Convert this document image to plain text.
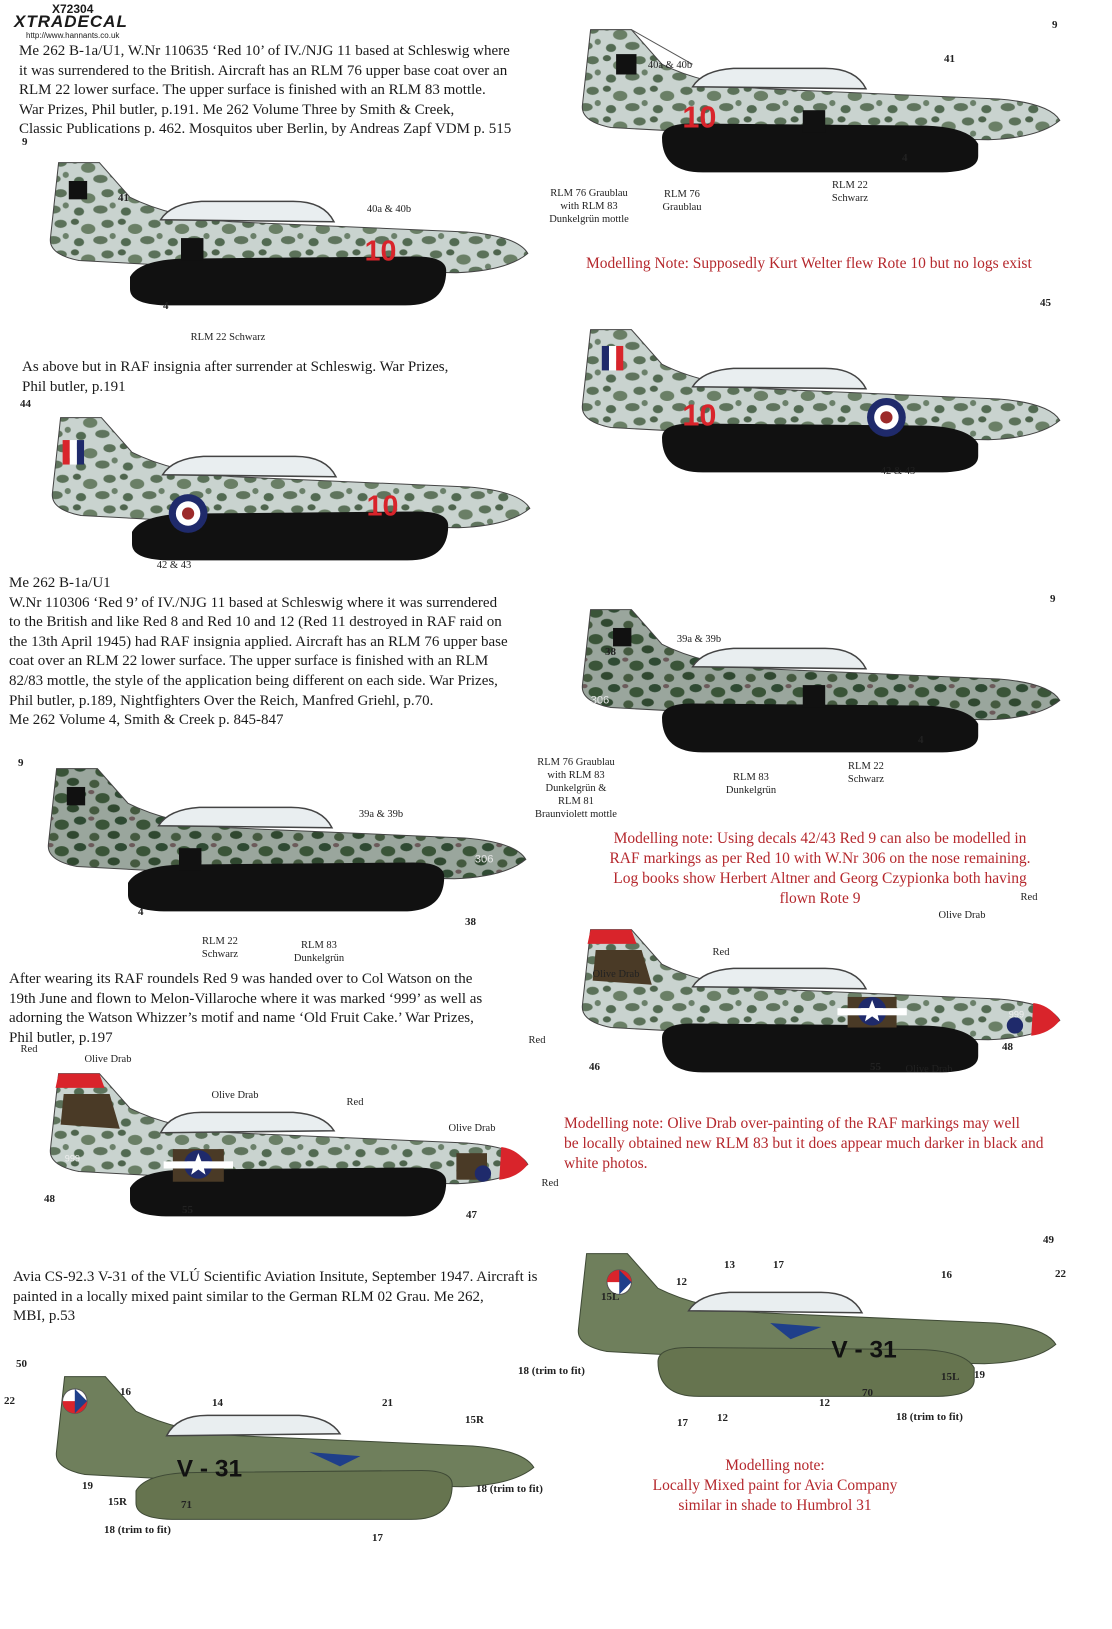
X72304
XTRADECAL
http://www.hannants.co.uk
Me 262 B-1a/U1, W.Nr 110635 ‘Red 10’ of IV./NJG 11 based at Schleswig where
it was surrendered to the British. Aircraft has an RLM 76 upper base coat over an
RLM 22 lower surface. The upper surface is finished with an RLM 83 mottle.
War Prizes, Phil butler, p.191. Me 262 Volume Three by Smith & Creek,
Classic Publications p. 462. Mosquitos uber Berlin, by Andreas Zapf VDM p. 515	10
40a & 40b
9
41
4
RLM 76
Graublau
RLM 22
Schwarz
10
9
41
40a & 40b
4
RLM 22 Schwarz
RLM 76 Graublau
with RLM 83
Dunkelgrün mottle
Modelling Note: Supposedly Kurt Welter flew Rote 10 but no logs exist
As above but in RAF insignia after surrender at Schleswig. War Prizes,
Phil butler, p.191
10
45
42 & 43
10
44
42 & 43
Me 262 B-1a/U1
W.Nr 110306 ‘Red 9’ of IV./NJG 11 based at Schleswig where it was surrendered
to the British and like Red 8 and Red 10 and 12 (Red 11 destroyed in RAF raid on
the 13th April 1945) had RAF insignia applied. Aircraft has an RLM 76 upper base
coat over an RLM 22 lower surface. The upper surface is finished with an RLM
82/83 mottle, the style of the application being different on each side. War Prizes,
Phil butler, p.189, Nightfighters Over the Reich, Manfred Griehl, p.70.
Me 262 Volume 4, Smith & Creek p. 845-847
306
9
38
39a & 39b
4
RLM 83
Dunkelgrün
RLM 22
Schwarz
RLM 76 Graublau
with RLM 83
Dunkelgrün &
RLM 81
Braunviolett mottle
306
9
39a & 39b
4
38
RLM 22
Schwarz
RLM 83
Dunkelgrün
Modelling note: Using decals 42/43 Red 9 can also be modelled in
RAF markings as per Red 10 with W.Nr 306 on the nose remaining.
Log books show Herbert Altner and Georg Czypionka both having
flown Rote 9
After wearing its RAF roundels Red 9 was handed over to Col Watson on the
19th June and flown to Melon-Villaroche where it was marked ‘999’ as well as
adorning the Watson Whizzer’s motif and name ‘Old Fruit Cake.’ War Prizes,
Phil butler, p.197
999
Red
Olive Drab
Red
Olive Drab
Red
46	55	Olive Drab
48
999
Red
Olive Drab
Olive Drab
Red
Olive Drab
Red
48
55	47
Modelling note: Olive Drab over-painting of the RAF markings may well
be locally obtained new RLM 83 but it does appear much darker in black and
white photos.
Avia CS-92.3 V-31 of the VLÚ Scientific Aviation Insitute, September 1947. Aircraft is
painted in a locally mixed paint similar to the German RLM 02 Grau. Me 262,
MBI, p.53
V - 31
13	17
12
15L
18 (trim to fit)
16
49
22
15L 19
70
12
12
17	18 (trim to fit)
V - 31
50
22
16
14	21
15R
19
15R	71
18 (trim to fit)
18 (trim to fit)
17
Modelling note:
Locally Mixed paint for Avia Company
similar in shade to Humbrol 31
